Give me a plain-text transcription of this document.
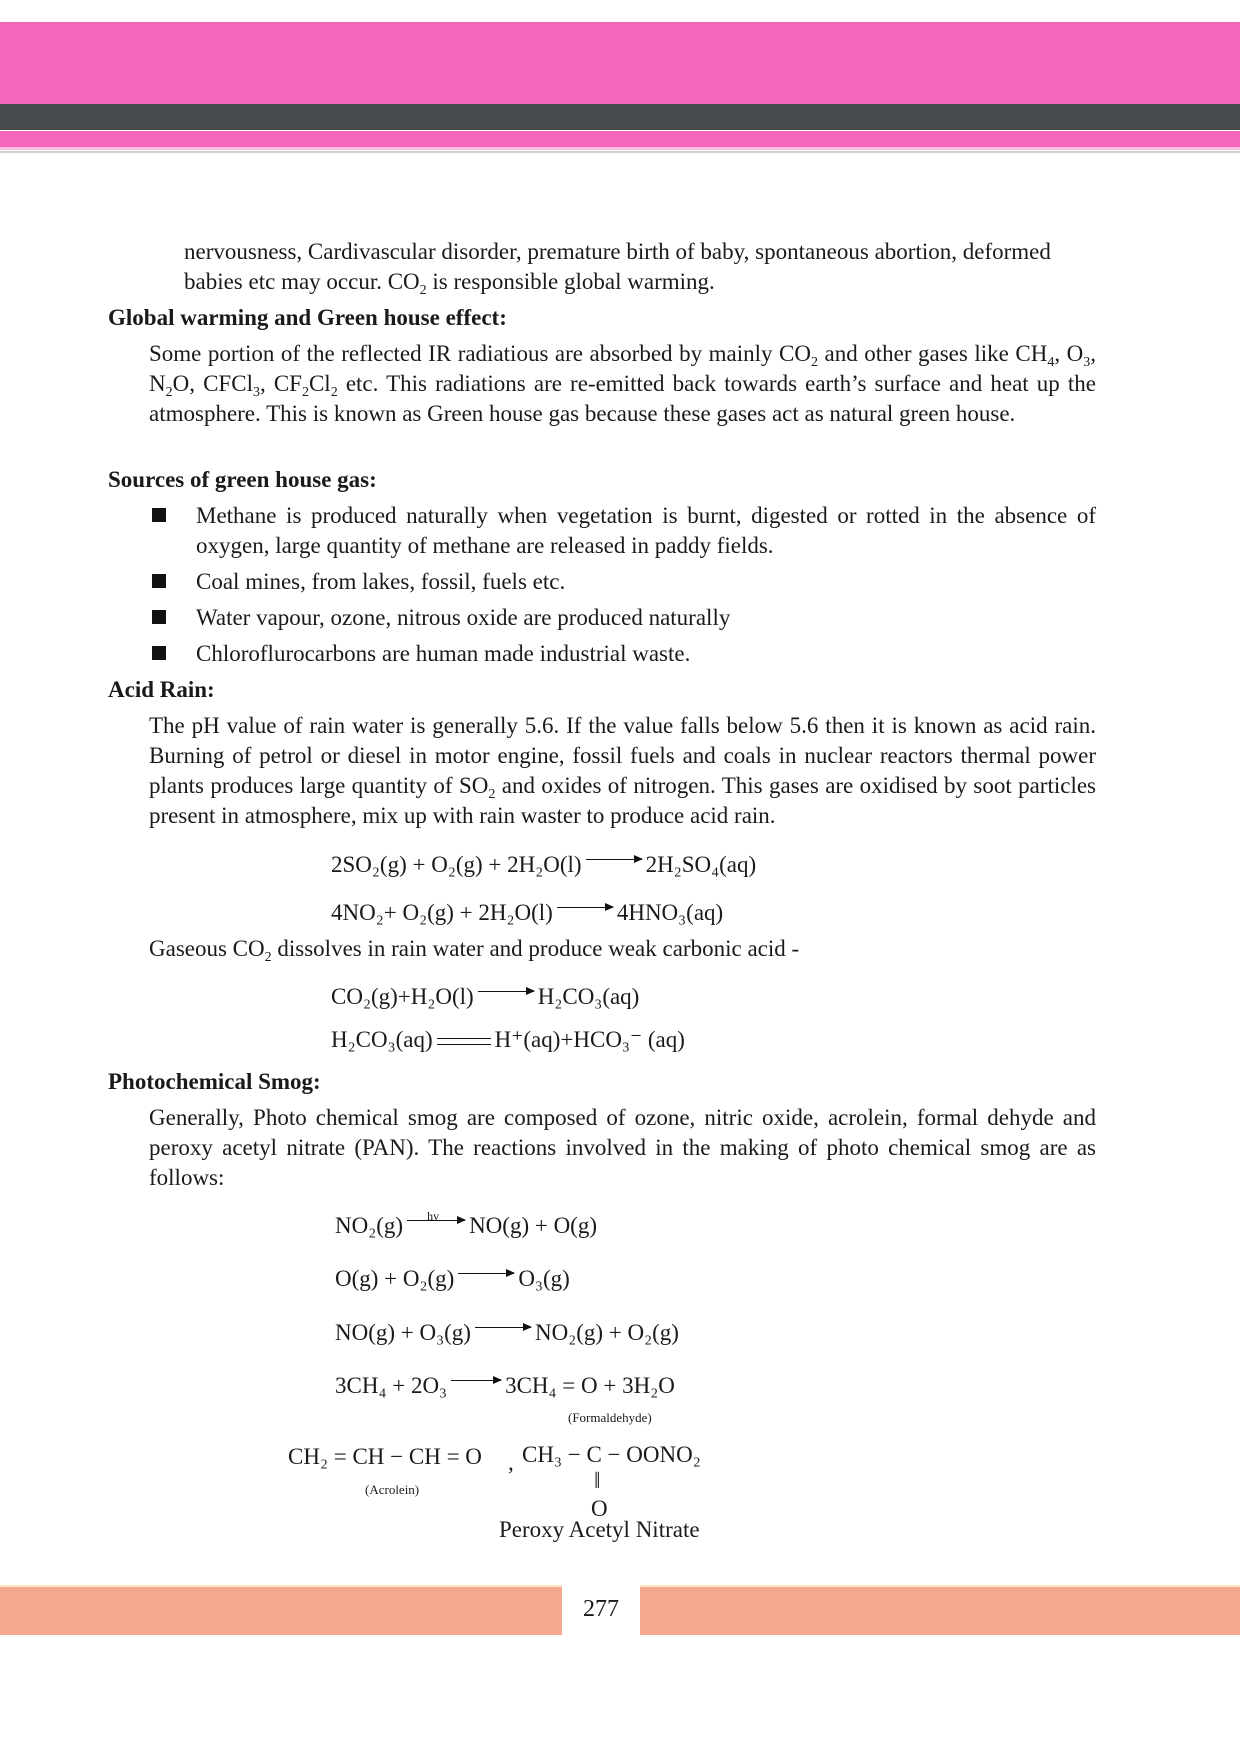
nervousness, Cardivascular disorder, premature birth of baby, spontaneous abortion, deformed
babies etc may occur. $CO_2$ is responsible global warming.

Global warming and Green house effect:

Some portion of the reflected IR radiatious are absorbed by mainly $CO_2$ and other gases like $CH_4$, $O_3$, $N_2O$, CFCl$_3$, $CF_2Cl_2$ etc. This radiations are re-emitted back towards earth’s surface and heat up the atmosphere. This is known as Green house gas because these gases act as natural green house.

Sources of green house gas:

Methane is produced naturally when vegetation is burnt, digested or rotted in the absence of oxygen, large quantity of methane are released in paddy fields.

Coal mines, from lakes, fossil, fuels etc.

Water vapour, ozone, nitrous oxide are produced naturally

Chloroflurocarbons are human made industrial waste.

Acid Rain:

The pH value of rain water is generally 5.6. If the value falls below 5.6 then it is known as acid rain. Burning of petrol or diesel in motor engine, fossil fuels and coals in nuclear reactors thermal power plants produces large quantity of $SO_2$ and oxides of nitrogen. This gases are oxidised by soot particles present in atmosphere, mix up with rain waster to produce acid rain.

2SO₂(g) + O₂(g) + 2H₂O(l)	2H₂SO₄(aq)
4NO₂+ O₂(g) + 2H₂O(l)	4HNO₃(aq)

Gaseous $CO_2$ dissolves in rain water and produce weak carbonic acid -

CO₂(g)+H₂O(l)	H₂CO₃(aq)
H₂CO₃(aq)	H⁺(aq)+HCO₃⁻ (aq)
Photochemical Smog:

Generally, Photo chemical smog are composed of ozone, nitric oxide, acrolein, formal dehyde and peroxy acetyl nitrate (PAN). The reactions involved in the making of photo chemical smog are as follows:

NO₂(g) hv NO(g) + O(g)
O(g) + O₂(g)	O₃(g)
NO(g) + O₃(g)	NO₂(g) + O₂(g)
3CH₄ + 2O₃	3CH₄ = O + 3H₂O
(Formaldehyde)
CH₂ = CH − CH = O
(Acrolein)
, CH₃ − C − OONO₂
‖
O
Peroxy Acetyl Nitrate
277
